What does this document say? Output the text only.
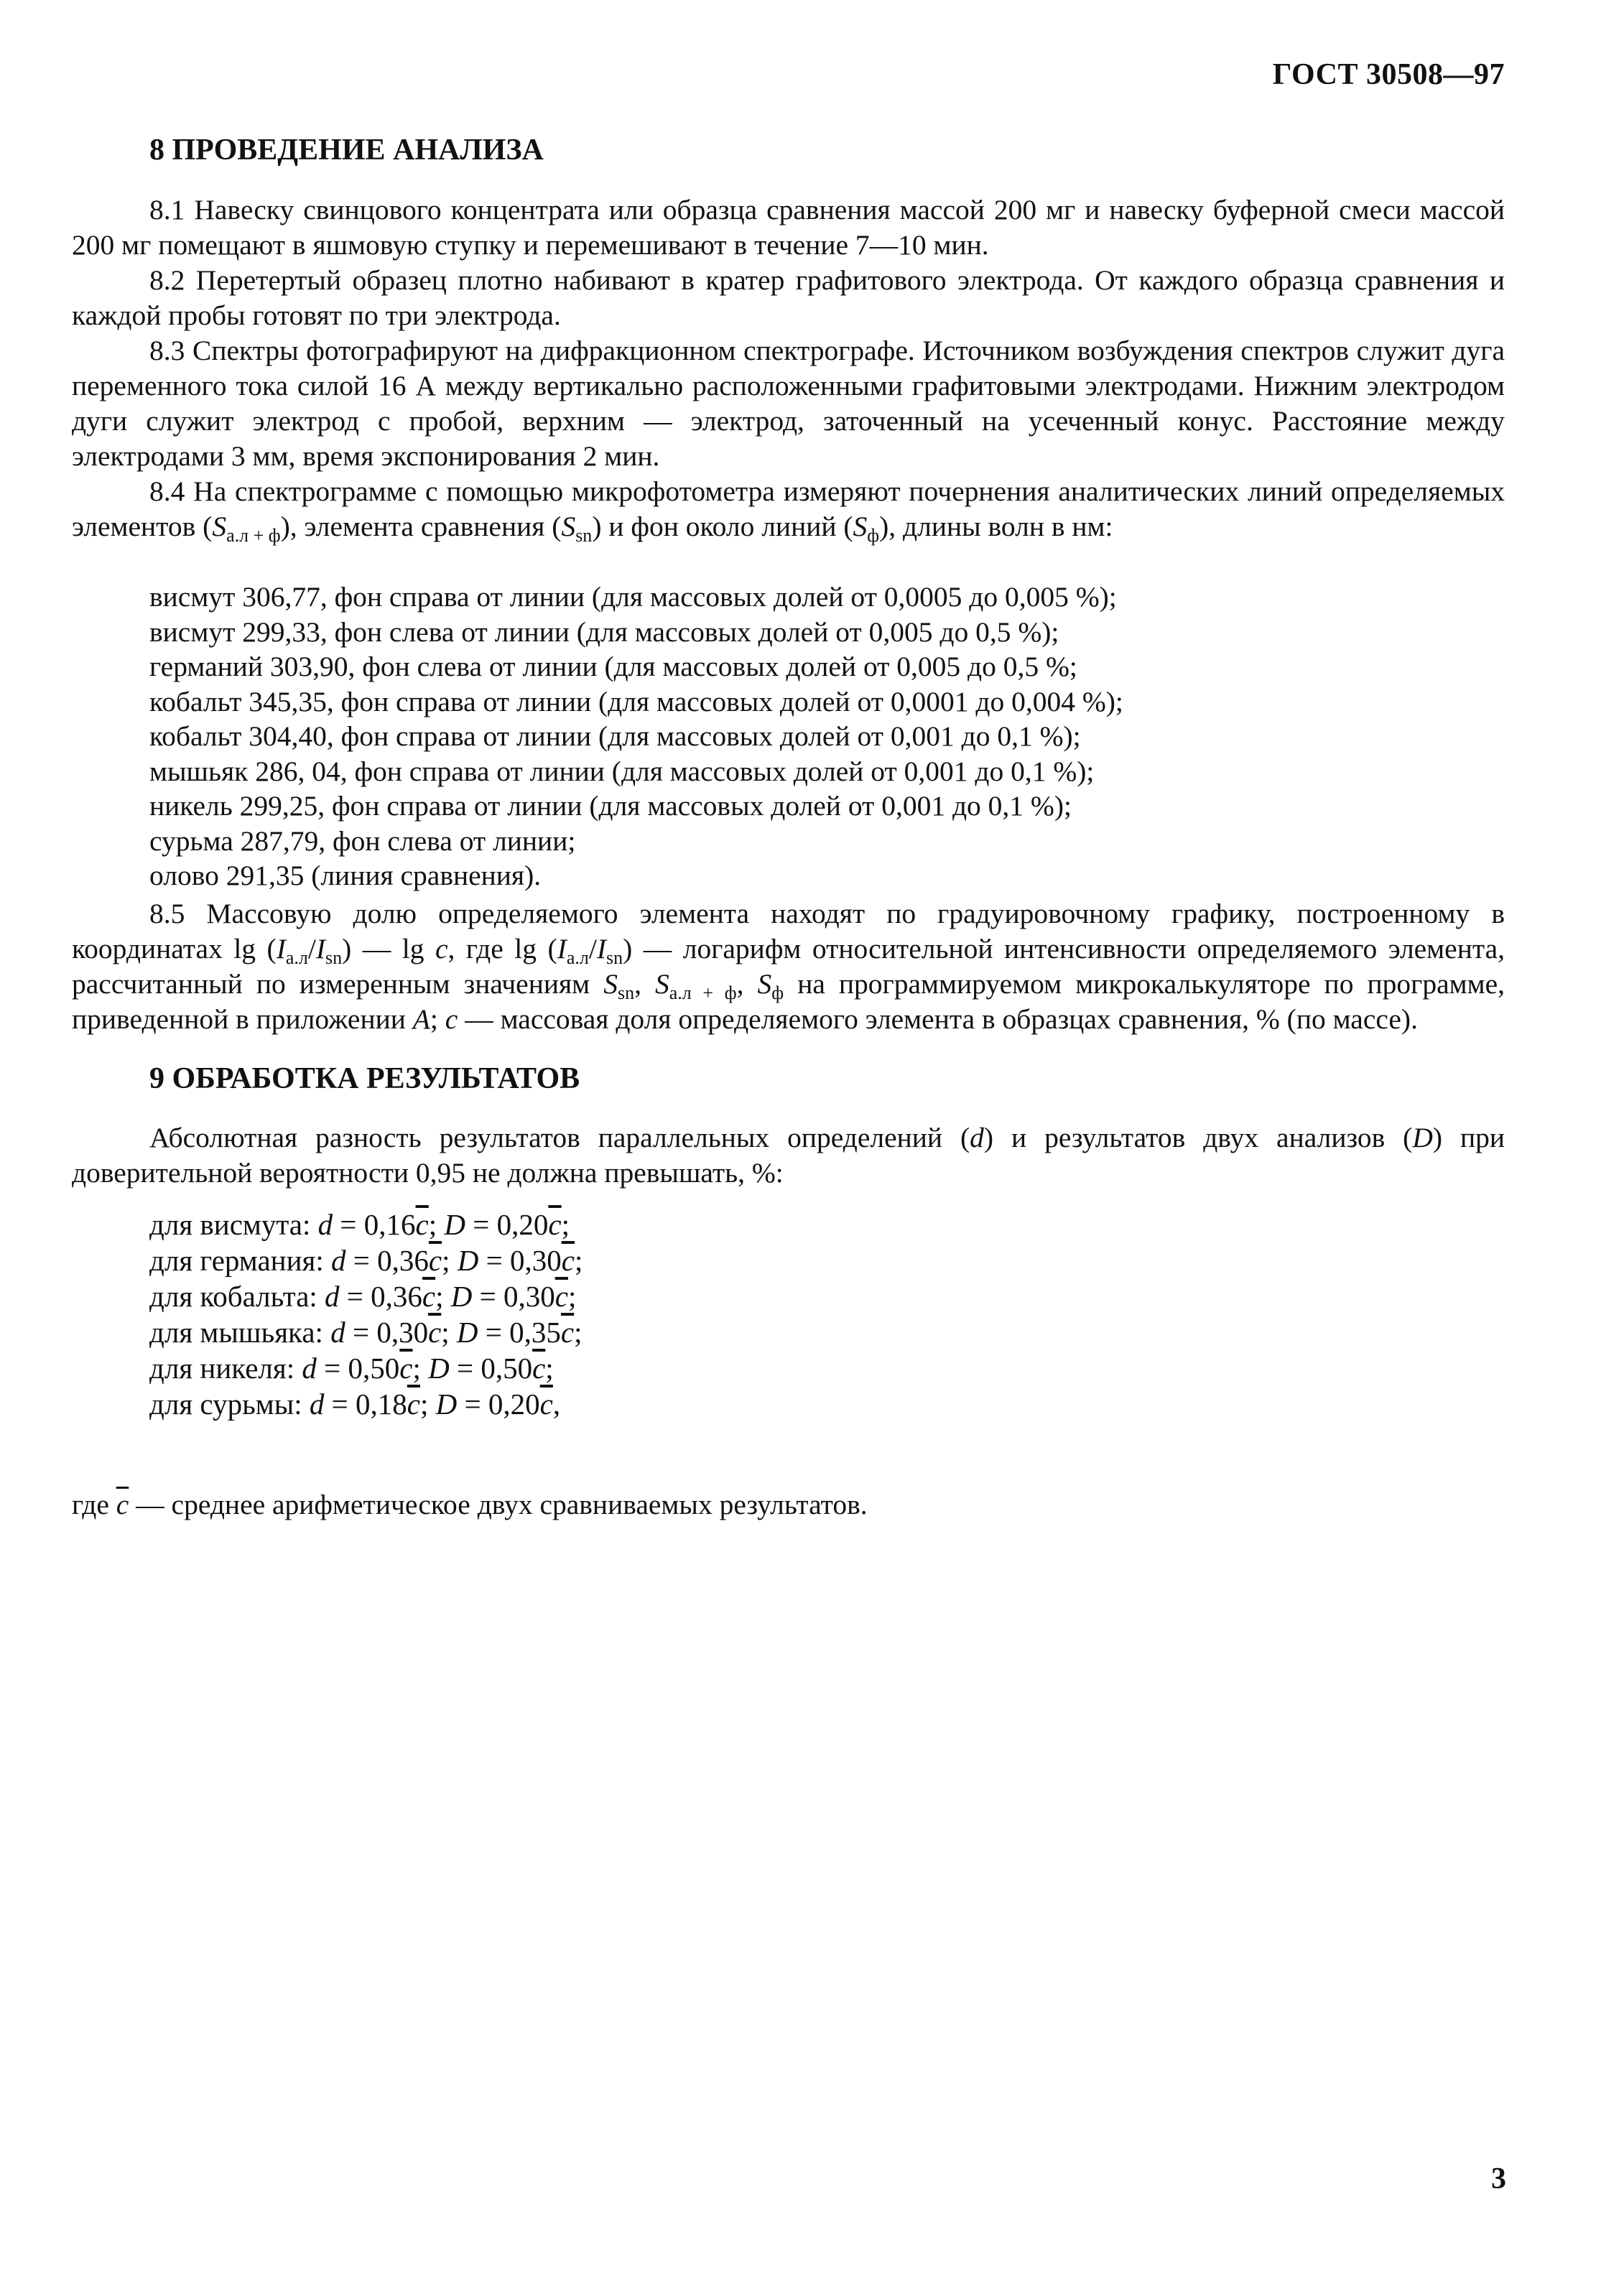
ГОСТ 30508—97
8 ПРОВЕДЕНИЕ АНАЛИЗА
8.1 Навеску свинцового концентрата или образца сравнения массой 200 мг и навеску буферной смеси массой 200 мг помещают в яшмовую ступку и перемешивают в течение 7—10 мин.
8.2 Перетертый образец плотно набивают в кратер графитового электрода. От каждого образца сравнения и каждой пробы готовят по три электрода.
8.3 Спектры фотографируют на дифракционном спектрографе. Источником возбуждения спектров служит дуга переменного тока силой 16 А между вертикально расположенными графитовыми электродами. Нижним электродом дуги служит электрод с пробой, верхним — электрод, заточенный на усеченный конус. Расстояние между электродами 3 мм, время экспонирования 2 мин.
8.4 На спектрограмме с помощью микрофотометра измеряют почернения аналитических линий определяемых элементов $(S_{а.л + ф})$, элемента сравнения $(S_{sn})$ и фон около линий $(S_ф)$, длины волн в нм:
висмут 306,77, фон справа от линии (для массовых долей от 0,0005 до 0,005 %);
висмут 299,33, фон слева от линии (для массовых долей от 0,005 до 0,5 %);
германий 303,90, фон слева от линии (для массовых долей от 0,005 до 0,5 %;
кобальт 345,35, фон справа от линии (для массовых долей от 0,0001 до 0,004 %);
кобальт 304,40, фон справа от линии (для массовых долей от 0,001 до 0,1 %);
мышьяк 286, 04, фон справа от линии (для массовых долей от 0,001 до 0,1 %);
никель 299,25, фон справа от линии (для массовых долей от 0,001 до 0,1 %);
сурьма 287,79, фон слева от линии;
олово 291,35 (линия сравнения).
8.5 Массовую долю определяемого элемента находят по градуировочному графику, построенному в координатах $\lg (I_{а.л}/I_{sn})$ — lg c, где $\lg (I_{а.л}/I_{sn})$ — логарифм относительной интенсивности определяемого элемента, рассчитанный по измеренным значениям $S_{sn}$, $S_{а.л + ф}$, $S_ф$ на программируемом микрокалькуляторе по программе, приведенной в приложении А; c — массовая доля определяемого элемента в образцах сравнения, % (по массе).
9 ОБРАБОТКА РЕЗУЛЬТАТОВ
Абсолютная разность результатов параллельных определений (d) и результатов двух анализов (D) при доверительной вероятности 0,95 не должна превышать, %:
для висмута: $d = 0,16\overline{c}$; $D = 0,20\overline{c}$;
для германия: $d = 0,36\overline{c}$; $D = 0,30\overline{c}$;
для кобальта: $d = 0,36\overline{c}$; $D = 0,30\overline{c}$;
для мышьяка: $d = 0,30\overline{c}$; $D = 0,35\overline{c}$;
для никеля: $d = 0,50\overline{c}$; $D = 0,50\overline{c}$;
для сурьмы: $d = 0,18\overline{c}$; $D = 0,20\overline{c}$,
где $\overline{c}$ — среднее арифметическое двух сравниваемых результатов.
3
